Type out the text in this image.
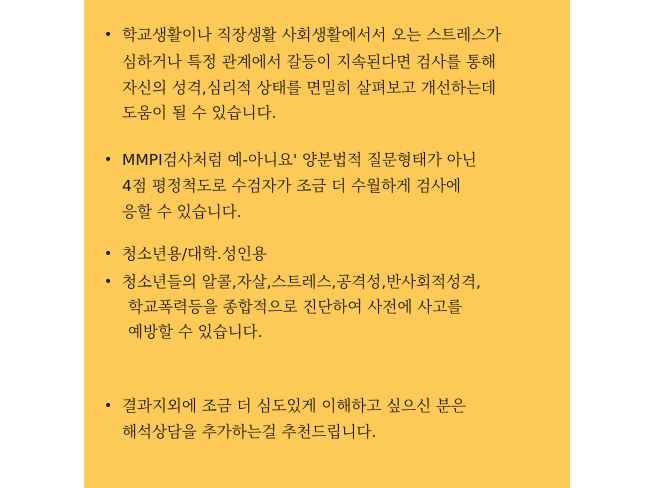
• 학교생활이나 직장생활 사회생활에서서 오는 스트레스가
심하거나 특정 관계에서 갈등이 지속된다면 검사를 통해
자신의 성격,심리적 상태를 면밀히 살펴보고 개선하는데
도움이 될 수 있습니다.
• MMPI검사처럼 예-아니요' 양분법적 질문형태가 아닌
4점 평정척도로 수검자가 조금 더 수월하게 검사에
응할 수 있습니다.
• 청소년용/대학.성인용
• 청소년들의 알콜,자살,스트레스,공격성,반사회적성격,
학교폭력등을 종합적으로 진단하여 사전에 사고를
예방할 수 있습니다.
• 결과지외에 조금 더 심도있게 이해하고 싶으신 분은
해석상담을 추가하는걸 추천드립니다.
